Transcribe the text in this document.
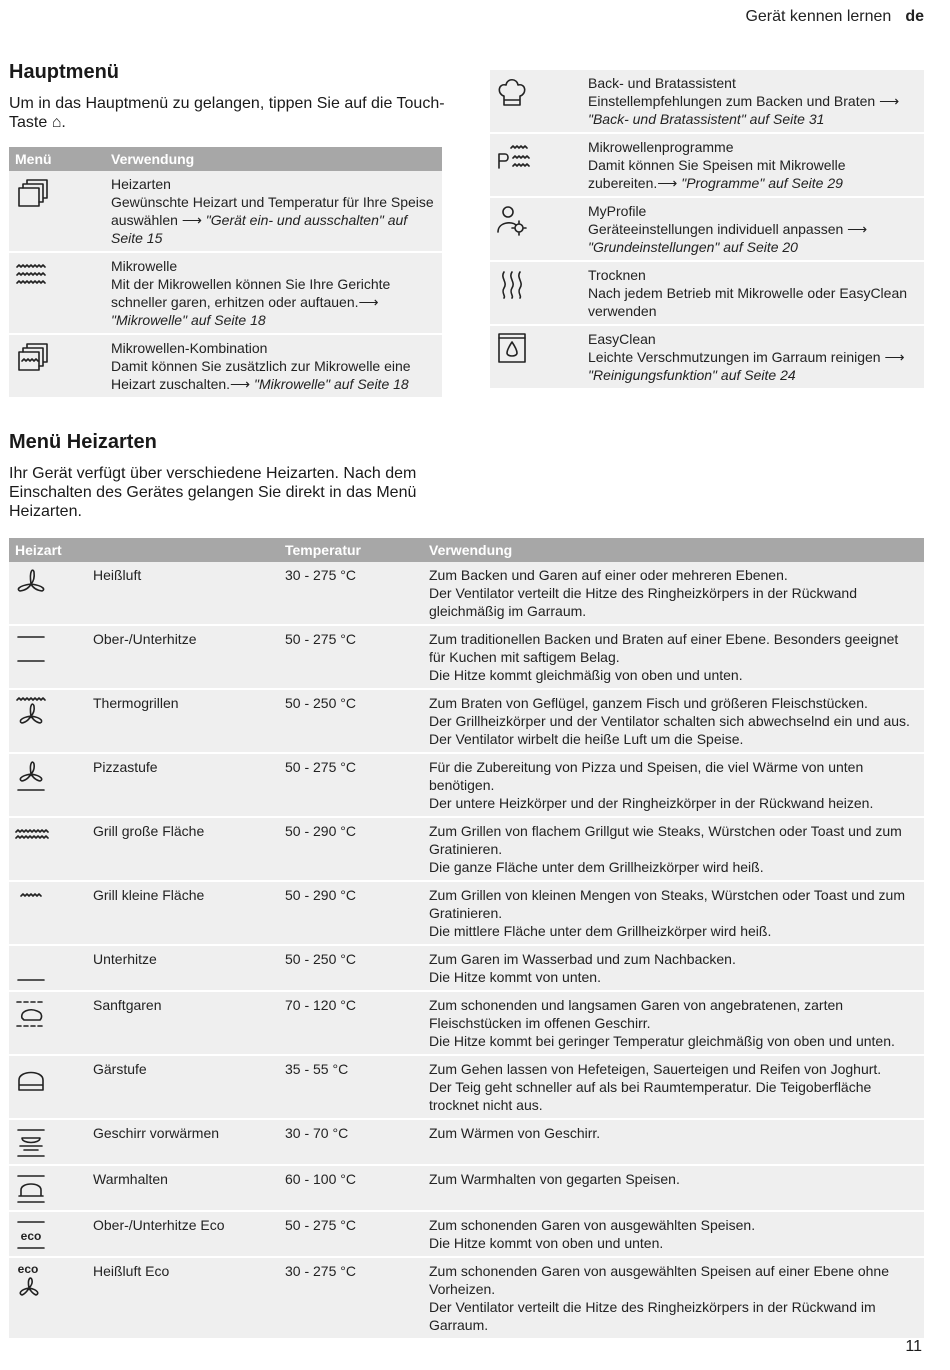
Gerät kennen lernen de
Hauptmenü

Um in das Hauptmenü zu gelangen, tippen Sie auf die Touch-Taste ⌂.

Menü	Verwendung

Heizarten
Gewünschte Heizart und Temperatur für Ihre Speise auswählen ⟶ "Gerät ein- und ausschalten" auf Seite 15

Mikrowelle
Mit der Mikrowellen können Sie Ihre Gerichte schneller garen, erhitzen oder auftauen.⟶ "Mikrowelle" auf Seite 18

Mikrowellen-Kombination
Damit können Sie zusätzlich zur Mikrowelle eine Heizart zuschalten.⟶ "Mikrowelle" auf Seite 18

Back- und Bratassistent
Einstellempfehlungen zum Backen und Braten ⟶ "Back- und Bratassistent" auf Seite 31

Mikrowellenprogramme
Damit können Sie Speisen mit Mikrowelle zubereiten.⟶ "Programme" auf Seite 29

MyProfile
Geräteeinstellungen individuell anpassen ⟶ "Grundeinstellungen" auf Seite 20

Trocknen
Nach jedem Betrieb mit Mikrowelle oder EasyClean verwenden

EasyClean
Leichte Verschmutzungen im Garraum reinigen ⟶ "Reinigungsfunktion" auf Seite 24
Menü Heizarten

Ihr Gerät verfügt über verschiedene Heizarten. Nach dem Einschalten des Gerätes gelangen Sie direkt in das Menü Heizarten.

Heizart		Temperatur	Verwendung

	Heißluft	30 - 275 °C	Zum Backen und Garen auf einer oder mehreren Ebenen.
Der Ventilator verteilt die Hitze des Ringheizkörpers in der Rückwand gleichmäßig im Garraum.

	Ober-/Unterhitze	50 - 275 °C	Zum traditionellen Backen und Braten auf einer Ebene. Besonders geeignet für Kuchen mit saftigem Belag.
Die Hitze kommt gleichmäßig von oben und unten.

	Thermogrillen	50 - 250 °C	Zum Braten von Geflügel, ganzem Fisch und größeren Fleischstücken.
Der Grillheizkörper und der Ventilator schalten sich abwechselnd ein und aus. Der Ventilator wirbelt die heiße Luft um die Speise.

	Pizzastufe	50 - 275 °C	Für die Zubereitung von Pizza und Speisen, die viel Wärme von unten benötigen.
Der untere Heizkörper und der Ringheizkörper in der Rückwand heizen.

	Grill große Fläche	50 - 290 °C	Zum Grillen von flachem Grillgut wie Steaks, Würstchen oder Toast und zum Gratinieren.
Die ganze Fläche unter dem Grillheizkörper wird heiß.

	Grill kleine Fläche	50 - 290 °C	Zum Grillen von kleinen Mengen von Steaks, Würstchen oder Toast und zum Gratinieren.
Die mittlere Fläche unter dem Grillheizkörper wird heiß.

	Unterhitze	50 - 250 °C	Zum Garen im Wasserbad und zum Nachbacken.
Die Hitze kommt von unten.

	Sanftgaren	70 - 120 °C	Zum schonenden und langsamen Garen von angebratenen, zarten Fleischstücken im offenen Geschirr.
Die Hitze kommt bei geringer Temperatur gleichmäßig von oben und unten.

	Gärstufe	35 - 55 °C	Zum Gehen lassen von Hefeteigen, Sauerteigen und Reifen von Joghurt.
Der Teig geht schneller auf als bei Raumtemperatur. Die Teigoberfläche trocknet nicht aus.

	Geschirr vorwärmen	30 - 70 °C	Zum Wärmen von Geschirr.

	Warmhalten	60 - 100 °C	Zum Warmhalten von gegarten Speisen.

eco	Ober-/Unterhitze Eco	50 - 275 °C	Zum schonenden Garen von ausgewählten Speisen.
Die Hitze kommt von oben und unten.

eco	Heißluft Eco	30 - 275 °C	Zum schonenden Garen von ausgewählten Speisen auf einer Ebene ohne Vorheizen.
Der Ventilator verteilt die Hitze des Ringheizkörpers in der Rückwand im Garraum.
11
